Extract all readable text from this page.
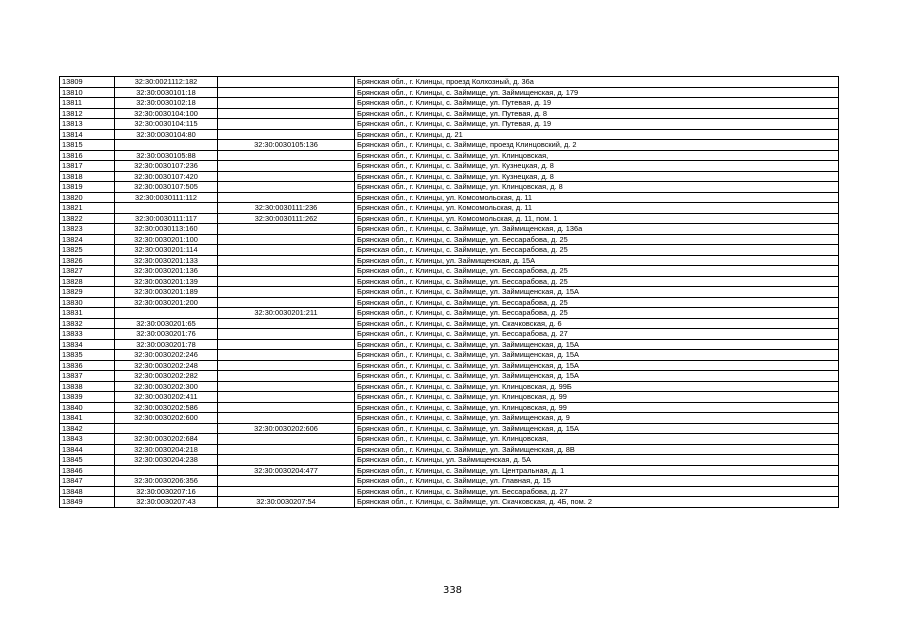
13809	32:30:0021112:182		Брянская обл., г. Клинцы, проезд Колхозный, д. 36а
13810	32:30:0030101:18		Брянская обл., г. Клинцы, с. Займище, ул. Займищенская, д. 179
13811	32:30:0030102:18		Брянская обл., г. Клинцы, с. Займище, ул. Путевая, д. 19
13812	32:30:0030104:100		Брянская обл., г. Клинцы, с. Займище, ул. Путевая, д. 8
13813	32:30:0030104:115		Брянская обл., г. Клинцы, с. Займище, ул. Путевая, д. 19
13814	32:30:0030104:80		Брянская обл., г. Клинцы, д. 21
13815		32:30:0030105:136	Брянская обл., г. Клинцы, с. Займище, проезд Клинцовский, д. 2
13816	32:30:0030105:88		Брянская обл., г. Клинцы, с. Займище, ул. Клинцовская,
13817	32:30:0030107:236		Брянская обл., г. Клинцы, с. Займище, ул. Кузнецкая, д. 8
13818	32:30:0030107:420		Брянская обл., г. Клинцы, с. Займище, ул. Кузнецкая, д. 8
13819	32:30:0030107:505		Брянская обл., г. Клинцы, с. Займище, ул. Клинцовская, д. 8
13820	32:30:0030111:112		Брянская обл., г. Клинцы, ул. Комсомольская, д. 11
13821		32:30:0030111:236	Брянская обл., г. Клинцы, ул. Комсомольская, д. 11
13822	32:30:0030111:117	32:30:0030111:262	Брянская обл., г. Клинцы, ул. Комсомольская, д. 11, пом. 1
13823	32:30:0030113:160		Брянская обл., г. Клинцы, с. Займище, ул. Займищенская, д. 136а
13824	32:30:0030201:100		Брянская обл., г. Клинцы, с. Займище, ул. Бессарабова, д. 25
13825	32:30:0030201:114		Брянская обл., г. Клинцы, с. Займище, ул. Бессарабова, д. 25
13826	32:30:0030201:133		Брянская обл., г. Клинцы, ул. Займищенская, д. 15А
13827	32:30:0030201:136		Брянская обл., г. Клинцы, с. Займище, ул. Бессарабова, д. 25
13828	32:30:0030201:139		Брянская обл., г. Клинцы, с. Займище, ул. Бессарабова, д. 25
13829	32:30:0030201:189		Брянская обл., г. Клинцы, с. Займище, ул. Займищенская, д. 15А
13830	32:30:0030201:200		Брянская обл., г. Клинцы, с. Займище, ул. Бессарабова, д. 25
13831		32:30:0030201:211	Брянская обл., г. Клинцы, с. Займище, ул. Бессарабова, д. 25
13832	32:30:0030201:65		Брянская обл., г. Клинцы, с. Займище, ул. Скачковская, д. 6
13833	32:30:0030201:76		Брянская обл., г. Клинцы, с. Займище, ул. Бессарабова, д. 27
13834	32:30:0030201:78		Брянская обл., г. Клинцы, с. Займище, ул. Займищенская, д. 15А
13835	32:30:0030202:246		Брянская обл., г. Клинцы, с. Займище, ул. Займищенская, д. 15А
13836	32:30:0030202:248		Брянская обл., г. Клинцы, с. Займище, ул. Займищенская, д. 15А
13837	32:30:0030202:282		Брянская обл., г. Клинцы, с. Займище, ул. Займищенская, д. 15А
13838	32:30:0030202:300		Брянская обл., г. Клинцы, с. Займище, ул. Клинцовская, д. 99Б
13839	32:30:0030202:411		Брянская обл., г. Клинцы, с. Займище, ул. Клинцовская, д. 99
13840	32:30:0030202:586		Брянская обл., г. Клинцы, с. Займище, ул. Клинцовская, д. 99
13841	32:30:0030202:600		Брянская обл., г. Клинцы, с. Займище, ул. Займищенская, д. 9
13842		32:30:0030202:606	Брянская обл., г. Клинцы, с. Займище, ул. Займищенская, д. 15А
13843	32:30:0030202:684		Брянская обл., г. Клинцы, с. Займище, ул. Клинцовская,
13844	32:30:0030204:218		Брянская обл., г. Клинцы, с. Займище, ул. Займищенская, д. 8В
13845	32:30:0030204:238		Брянская обл., г. Клинцы, ул. Займищенская, д. 5А
13846		32:30:0030204:477	Брянская обл., г. Клинцы, с. Займище, ул. Центральная, д. 1
13847	32:30:0030206:356		Брянская обл., г. Клинцы, с. Займище, ул. Главная, д. 15
13848	32:30:0030207:16		Брянская обл., г. Клинцы, с. Займище, ул. Бессарабова, д. 27
13849	32:30:0030207:43	32:30:0030207:54	Брянская обл., г. Клинцы, с. Займище, ул. Скачковская, д. 4Б, пом. 2
338
